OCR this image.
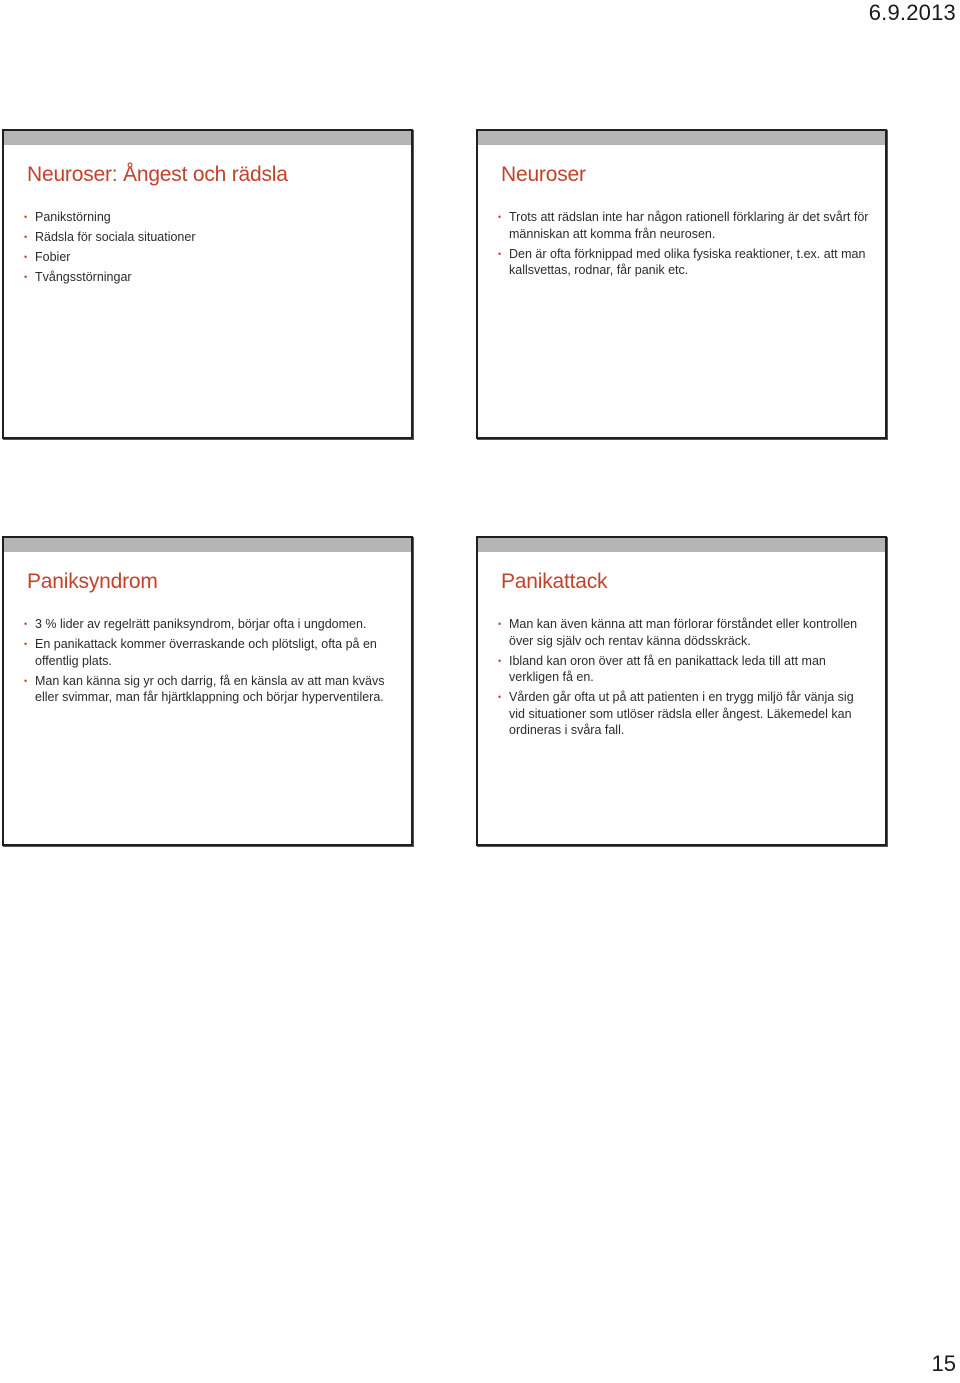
6.9.2013
Neuroser: Ångest och rädsla
• Panikstörning
• Rädsla för sociala situationer
• Fobier
• Tvångsstörningar
Neuroser
• Trots att rädslan inte har någon rationell förklaring är det svårt för människan att komma från neurosen.
• Den är ofta förknippad med olika fysiska reaktioner, t.ex. att man kallsvettas, rodnar, får panik etc.
Paniksyndrom
• 3 % lider av regelrätt paniksyndrom, börjar ofta i ungdomen.
• En panikattack kommer överraskande och plötsligt, ofta på en offentlig plats.
• Man kan känna sig yr och darrig, få en känsla av att man kvävs eller svimmar, man får hjärtklappning och börjar hyperventilera.
Panikattack
• Man kan även känna att man förlorar förståndet eller kontrollen över sig själv och rentav känna dödsskräck.
• Ibland kan oron över att få en panikattack leda till att man verkligen få en.
• Vården går ofta ut på att patienten i en trygg miljö får vänja sig vid situationer som utlöser rädsla eller ångest. Läkemedel kan ordineras i svåra fall.
15
